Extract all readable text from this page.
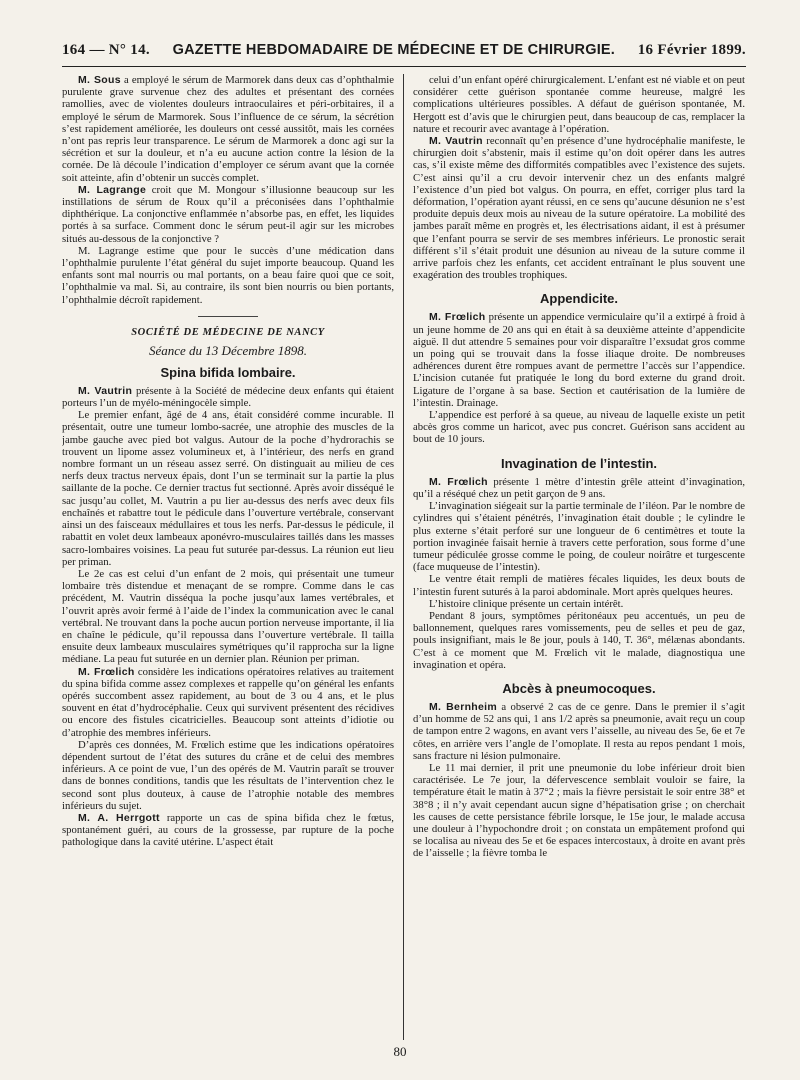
164 — N° 14. GAZETTE HEBDOMADAIRE DE MÉDECINE ET DE CHIRURGIE. 16 Février 1899.

M. Sous a employé le sérum de Marmorek dans deux cas d’ophthalmie purulente grave survenue chez des adultes et présentant des cornées ramollies, avec de violentes douleurs intraoculaires et péri-orbitaires, il a employé le sérum de Marmorek. Sous l’influence de ce sérum, la sécrétion s’est rapidement améliorée, les douleurs ont cessé aussitôt, mais les cornées n’ont pas repris leur transparence. Le sérum de Marmorek a donc agi sur la sécrétion et sur la douleur, et n’a eu aucune action contre la lésion de la cornée. De là découle l’indication d’employer ce sérum avant que la cornée soit atteinte, afin d’obtenir un succès complet.

M. Lagrange croit que M. Mongour s’illusionne beaucoup sur les instillations de sérum de Roux qu’il a préconisées dans l’ophthalmie diphthérique. La conjonctive enflammée n’absorbe pas, en effet, les liquides portés à sa surface. Comment donc le sérum peut-il agir sur les microbes situés au-dessous de la conjonctive ?

M. Lagrange estime que pour le succès d’une médication dans l’ophthalmie purulente l’état général du sujet importe beaucoup. Quand les enfants sont mal nourris ou mal portants, on a beau faire quoi que ce soit, l’ophthalmie va mal. Si, au contraire, ils sont bien nourris ou bien portants, l’ophthalmie décroît rapidement.

SOCIÉTÉ DE MÉDECINE DE NANCY
Séance du 13 Décembre 1898.
Spina bifida lombaire.

M. Vautrin présente à la Société de médecine deux enfants qui étaient porteurs l’un de myélo-méningocèle simple.

Le premier enfant, âgé de 4 ans, était considéré comme incurable. Il présentait, outre une tumeur lombo-sacrée, une atrophie des muscles de la jambe gauche avec pied bot valgus. Autour de la poche d’hydrorachis se trouvent un lipome assez volumineux et, à l’intérieur, des nerfs en grand nombre formant un un réseau assez serré. On distinguait au milieu de ces nerfs deux tractus nerveux épais, dont l’un se terminait sur la partie la plus saillante de la poche. Ce dernier tractus fut sectionné. Après avoir disséqué le sac jusqu’au collet, M. Vautrin a pu lier au-dessus des nerfs avec deux fils enchaînés et rabattre tout le pédicule dans l’ouverture vertébrale, conservant ainsi un des faisceaux médullaires et tous les nerfs. Par-dessus le pédicule, il rabattit en volet deux lambeaux aponévro-musculaires taillés dans les masses sacro-lombaires voisines. La peau fut suturée par-dessus. La réunion eut lieu per priman.

Le 2e cas est celui d’un enfant de 2 mois, qui présentait une tumeur lombaire très distendue et menaçant de se rompre. Comme dans le cas précédent, M. Vautrin disséqua la poche jusqu’aux lames vertébrales, et l’ouvrit après avoir fermé à l’aide de l’index la communication avec le canal vertébral. Ne trouvant dans la poche aucun portion nerveuse importante, il lia en chaîne le pédicule, qu’il repoussa dans l’ouverture vertébrale. Il tailla ensuite deux lambeaux musculaires symétriques qu’il rapprocha sur la ligne médiane. La peau fut suturée en un dernier plan. Réunion per priman.

M. Frœlich considère les indications opératoires relatives au traitement du spina bifida comme assez complexes et rappelle qu’on général les enfants opérés succombent assez rapidement, au bout de 3 ou 4 ans, et le plus souvent en état d’hydrocéphalie. Ceux qui survivent présentent des récidives ou encore des fistules cicatricielles. Beaucoup sont atteints d’idiotie ou d’atrophie des membres inférieurs.

D’après ces données, M. Frœlich estime que les indications opératoires dépendent surtout de l’état des sutures du crâne et de celui des membres inférieurs. A ce point de vue, l’un des opérés de M. Vautrin paraît se trouver dans de bonnes conditions, tandis que les résultats de l’intervention chez le second sont plus douteux, à cause de l’atrophie notable des membres inférieurs du sujet.

M. A. Herrgott rapporte un cas de spina bifida chez le fœtus, spontanément guéri, au cours de la grossesse, par rupture de la poche pathologique dans la cavité utérine. L’aspect était

celui d’un enfant opéré chirurgicalement. L’enfant est né viable et on peut considérer cette guérison spontanée comme heureuse, malgré les complications ultérieures possibles. A défaut de guérison spontanée, M. Hergott est d’avis que le chirurgien peut, dans beaucoup de cas, remplacer la nature et recourir avec avantage à l’opération.

M. Vautrin reconnaît qu’en présence d’une hydrocéphalie manifeste, le chirurgien doit s’abstenir, mais il estime qu’on doit opérer dans les autres cas, s’il existe même des difformités compatibles avec l’existence des sujets. C’est ainsi qu’il a cru devoir intervenir chez un des enfants malgré l’existence d’un pied bot valgus. On pourra, en effet, corriger plus tard la déformation, l’opération ayant réussi, en ce sens qu’aucune désunion ne s’est produite depuis deux mois au niveau de la suture opératoire. La mobilité des jambes paraît même en progrès et, les électrisations aidant, il est à présumer que l’enfant pourra se servir de ses membres inférieurs. Le pronostic serait différent s’il s’était produit une désunion au niveau de la suture comme il arrive parfois chez les enfants, cet accident entraînant le plus souvent une exagération des troubles trophiques.

Appendicite.

M. Frœlich présente un appendice vermiculaire qu’il a extirpé à froid à un jeune homme de 20 ans qui en était à sa deuxième atteinte d’appendicite aiguë. Il dut attendre 5 semaines pour voir disparaître l’exsudat gros comme un poing qui se trouvait dans la fosse iliaque droite. De nombreuses adhérences durent être rompues avant de permettre l’accès sur l’appendice. L’incision cutanée fut pratiquée le long du bord externe du grand droit. Ligature de l’organe à sa base. Section et cautérisation de la lumière de l’intestin. Drainage.

L’appendice est perforé à sa queue, au niveau de laquelle existe un petit abcès gros comme un haricot, avec pus concret. Guérison sans accident au bout de 10 jours.

Invagination de l’intestin.

M. Frœlich présente 1 mètre d’intestin grêle atteint d’invagination, qu’il a réséqué chez un petit garçon de 9 ans.

L’invagination siégeait sur la partie terminale de l’iléon. Par le nombre de cylindres qui s’étaient pénétrés, l’invagination était double ; le cylindre le plus externe s’était perforé sur une longueur de 6 centimètres et toute la portion invaginée faisait hernie à travers cette perforation, sous forme d’une tumeur pédiculée grosse comme le poing, de couleur noirâtre et turgescente (face muqueuse de l’intestin).

Le ventre était rempli de matières fécales liquides, les deux bouts de l’intestin furent suturés à la paroi abdominale. Mort après quelques heures.

L’histoire clinique présente un certain intérêt.

Pendant 8 jours, symptômes péritonéaux peu accentués, un peu de ballonnement, quelques rares vomissements, peu de selles et peu de gaz, pouls insignifiant, mais le 8e jour, pouls à 140, T. 36°, mélænas abondants. C’est à ce moment que M. Frœlich vit le malade, diagnostiqua une invagination et opéra.

Abcès à pneumocoques.

M. Bernheim a observé 2 cas de ce genre. Dans le premier il s’agit d’un homme de 52 ans qui, 1 ans 1/2 après sa pneumonie, avait reçu un coup de tampon entre 2 wagons, en avant vers l’aisselle, au niveau des 5e, 6e et 7e côtes, en arrière vers l’angle de l’omoplate. Il resta au repos pendant 1 mois, sans fracture ni lésion pulmonaire.

Le 11 mai dernier, il prit une pneumonie du lobe inférieur droit bien caractérisée. Le 7e jour, la défervescence semblait vouloir se faire, la température était le matin à 37°2 ; mais la fièvre persistait le soir entre 38° et 38°8 ; il n’y avait cependant aucun signe d’hépatisation grise ; on cherchait les causes de cette persistance fébrile lorsque, le 15e jour, le malade accusa une douleur à l’hypochondre droit ; on constata un empâtement profond qui se localisa au niveau des 5e et 6e espaces intercostaux, à droite en avant près de l’aisselle ; la fièvre tomba le

80
